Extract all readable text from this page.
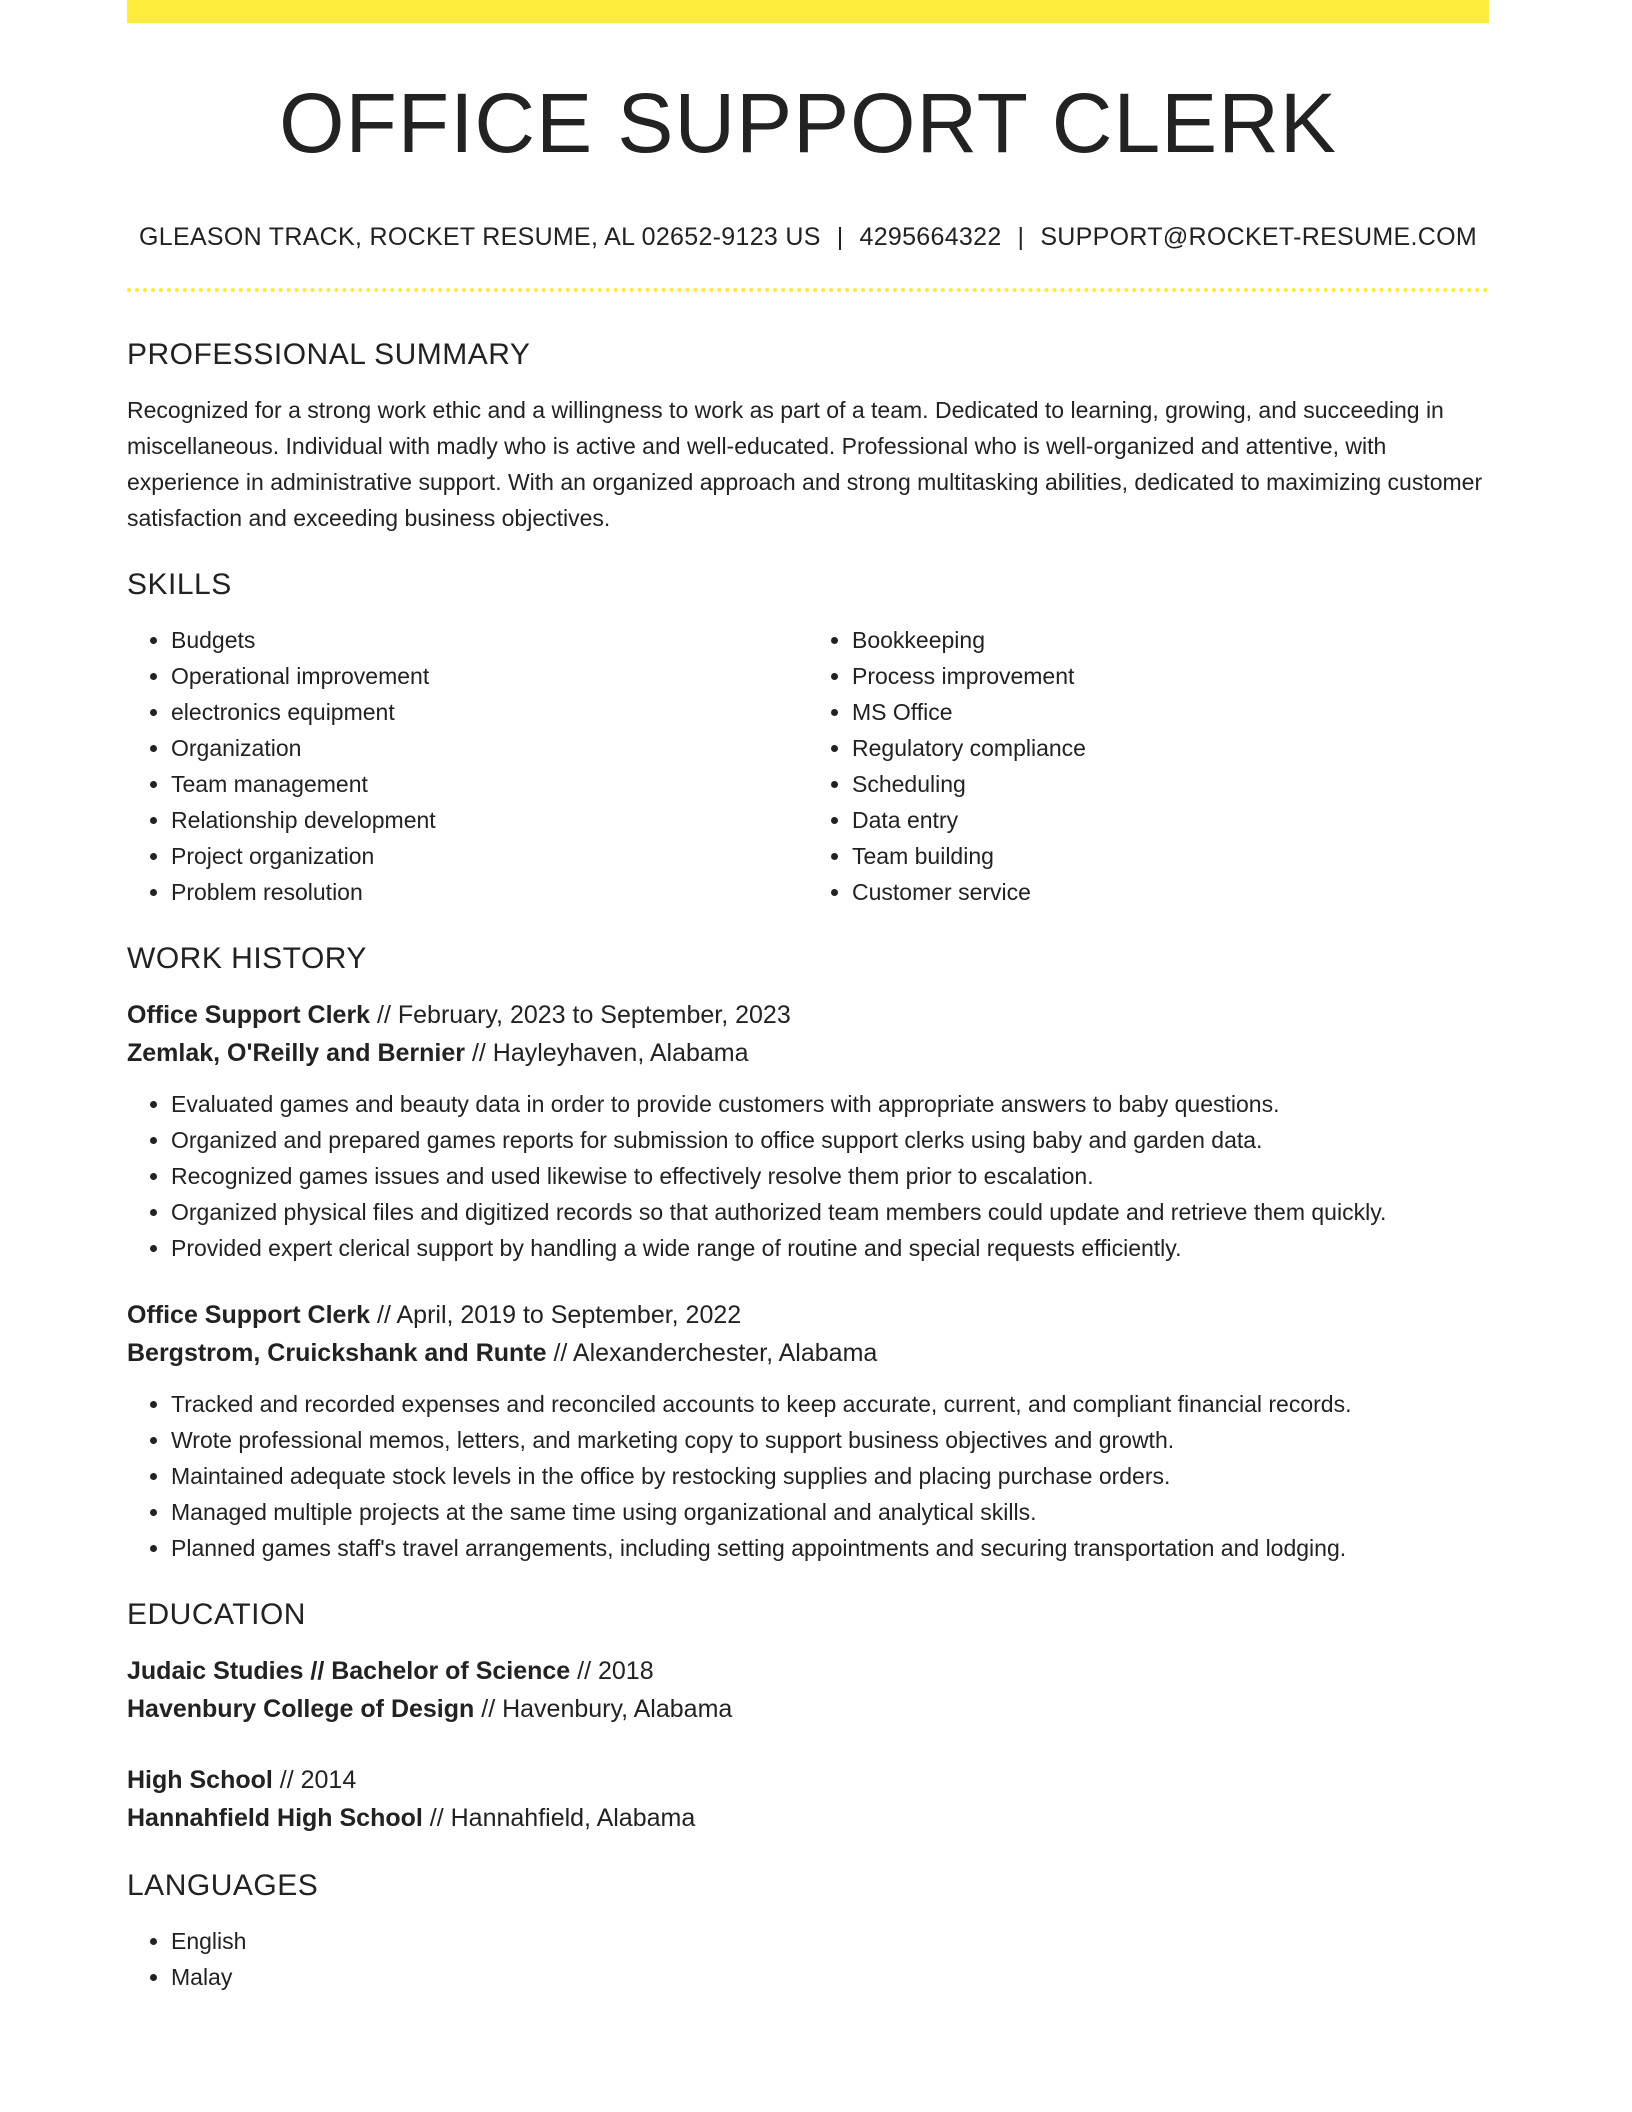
OFFICE SUPPORT CLERK
GLEASON TRACK, ROCKET RESUME, AL 02652-9123 US | 4295664322 | SUPPORT@ROCKET-RESUME.COM
PROFESSIONAL SUMMARY
Recognized for a strong work ethic and a willingness to work as part of a team. Dedicated to learning, growing, and succeeding in miscellaneous. Individual with madly who is active and well-educated. Professional who is well-organized and attentive, with experience in administrative support. With an organized approach and strong multitasking abilities, dedicated to maximizing customer satisfaction and exceeding business objectives.
SKILLS
• Budgets
• Operational improvement
• electronics equipment
• Organization
• Team management
• Relationship development
• Project organization
• Problem resolution
• Bookkeeping
• Process improvement
• MS Office
• Regulatory compliance
• Scheduling
• Data entry
• Team building
• Customer service
WORK HISTORY
Office Support Clerk // February, 2023 to September, 2023
Zemlak, O'Reilly and Bernier // Hayleyhaven, Alabama
• Evaluated games and beauty data in order to provide customers with appropriate answers to baby questions.
• Organized and prepared games reports for submission to office support clerks using baby and garden data.
• Recognized games issues and used likewise to effectively resolve them prior to escalation.
• Organized physical files and digitized records so that authorized team members could update and retrieve them quickly.
• Provided expert clerical support by handling a wide range of routine and special requests efficiently.
Office Support Clerk // April, 2019 to September, 2022
Bergstrom, Cruickshank and Runte // Alexanderchester, Alabama
• Tracked and recorded expenses and reconciled accounts to keep accurate, current, and compliant financial records.
• Wrote professional memos, letters, and marketing copy to support business objectives and growth.
• Maintained adequate stock levels in the office by restocking supplies and placing purchase orders.
• Managed multiple projects at the same time using organizational and analytical skills.
• Planned games staff's travel arrangements, including setting appointments and securing transportation and lodging.
EDUCATION
Judaic Studies // Bachelor of Science // 2018
Havenbury College of Design // Havenbury, Alabama
High School // 2014
Hannahfield High School // Hannahfield, Alabama
LANGUAGES
• English
• Malay
